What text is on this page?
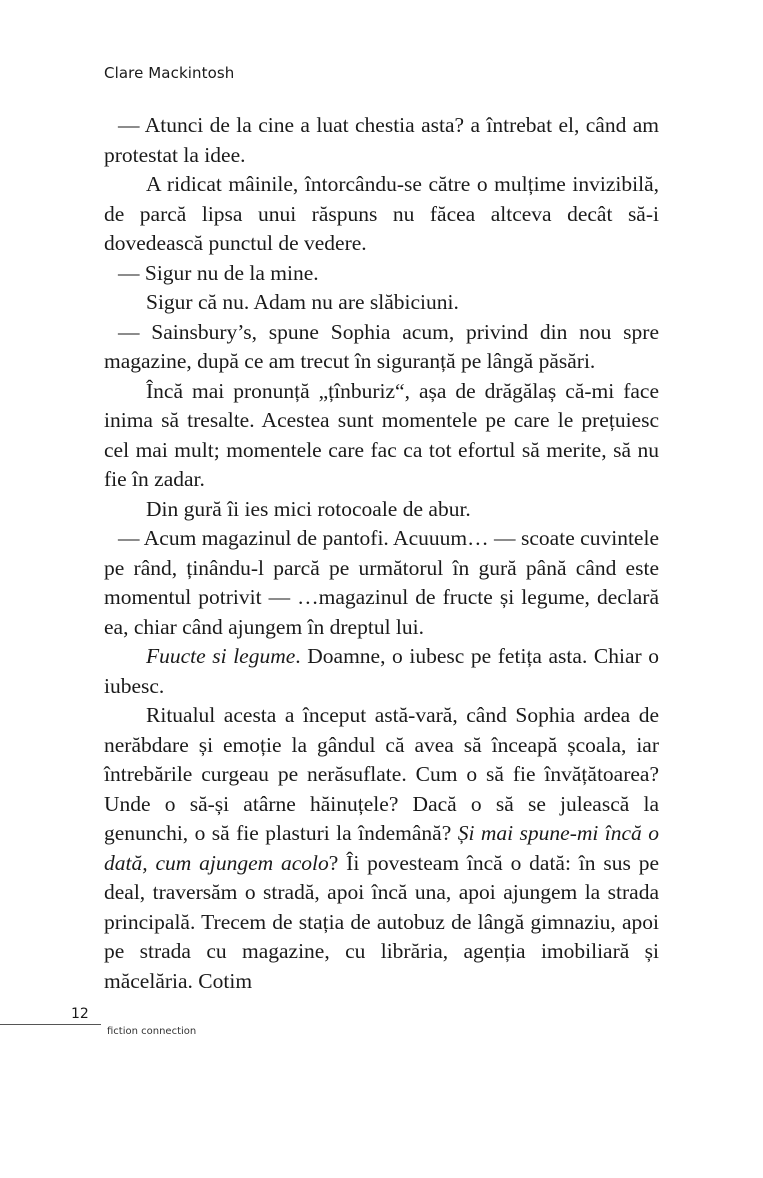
Clare Mackintosh

— Atunci de la cine a luat chestia asta? a întrebat el, când am protestat la idee.

A ridicat mâinile, întorcându-se către o mulțime invizibilă, de parcă lipsa unui răspuns nu făcea altceva decât să-i dovedească punctul de vedere.

— Sigur nu de la mine.

Sigur că nu. Adam nu are slăbiciuni.

— Sainsbury’s, spune Sophia acum, privind din nou spre magazine, după ce am trecut în siguranță pe lângă păsări.

Încă mai pronunță „țînburiz“, așa de drăgălaș că-mi face inima să tresalte. Acestea sunt momentele pe care le prețuiesc cel mai mult; momentele care fac ca tot efortul să merite, să nu fie în zadar.

Din gură îi ies mici rotocoale de abur.

— Acum magazinul de pantofi. Acuuum… — scoate cuvintele pe rând, ținându-l parcă pe următorul în gură până când este momentul potrivit — …magazinul de fructe și legume, declară ea, chiar când ajungem în dreptul lui.

Fuucte si legume. Doamne, o iubesc pe fetița asta. Chiar o iubesc.

Ritualul acesta a început astă-vară, când Sophia ardea de nerăbdare și emoție la gândul că avea să înceapă școala, iar întrebările curgeau pe nerăsuflate. Cum o să fie învățătoarea? Unde o să-și atârne hăinuțele? Dacă o să se julească la genunchi, o să fie plasturi la îndemână? Și mai spune-mi încă o dată, cum ajungem acolo? Îi povesteam încă o dată: în sus pe deal, traversăm o stradă, apoi încă una, apoi ajungem la strada principală. Trecem de stația de autobuz de lângă gimnaziu, apoi pe strada cu magazine, cu librăria, agenția imobiliară și măcelăria. Cotim

12
fiction connection
